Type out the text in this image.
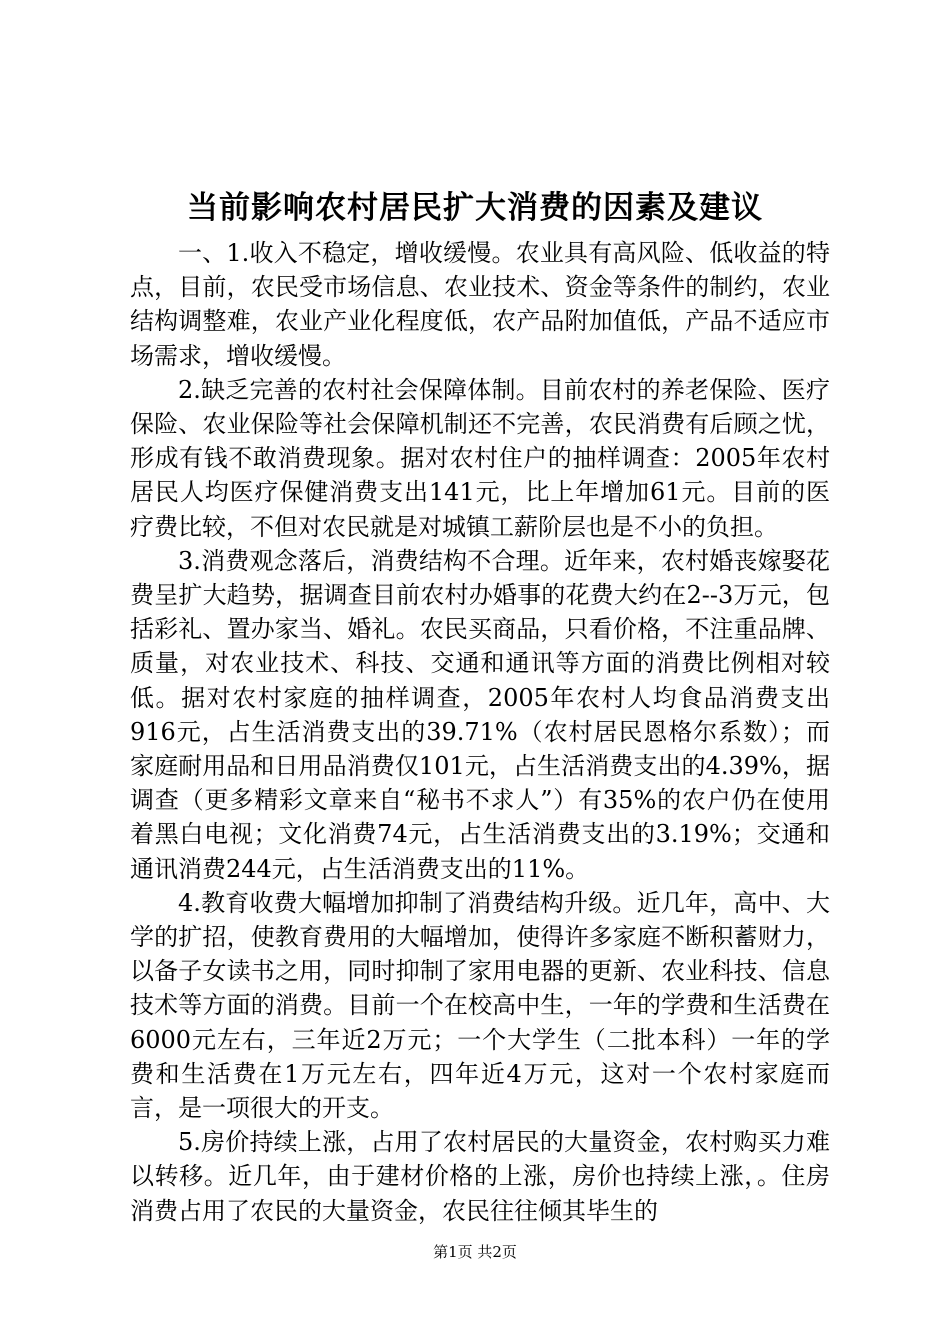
当前影响农村居民扩大消费的因素及建议

一、1.收入不稳定，增收缓慢。农业具有高风险、低收益的特点，目前，农民受市场信息、农业技术、资金等条件的制约，农业结构调整难，农业产业化程度低，农产品附加值低，产品不适应市场需求，增收缓慢。

2.缺乏完善的农村社会保障体制。目前农村的养老保险、医疗保险、农业保险等社会保障机制还不完善，农民消费有后顾之忧，形成有钱不敢消费现象。据对农村住户的抽样调查：2005年农村居民人均医疗保健消费支出141元，比上年增加61元。目前的医疗费比较，不但对农民就是对城镇工薪阶层也是不小的负担。

3.消费观念落后，消费结构不合理。近年来，农村婚丧嫁娶花费呈扩大趋势，据调查目前农村办婚事的花费大约在2--3万元，包括彩礼、置办家当、婚礼。农民买商品，只看价格，不注重品牌、质量，对农业技术、科技、交通和通讯等方面的消费比例相对较低。据对农村家庭的抽样调查，2005年农村人均食品消费支出916元，占生活消费支出的39.71%（农村居民恩格尔系数）；而家庭耐用品和日用品消费仅101元，占生活消费支出的4.39%，据调查（更多精彩文章来自“秘书不求人”）有35%的农户仍在使用着黑白电视；文化消费74元，占生活消费支出的3.19%；交通和通讯消费244元，占生活消费支出的11%。

4.教育收费大幅增加抑制了消费结构升级。近几年，高中、大学的扩招，使教育费用的大幅增加，使得许多家庭不断积蓄财力，以备子女读书之用，同时抑制了家用电器的更新、农业科技、信息技术等方面的消费。目前一个在校高中生，一年的学费和生活费在6000元左右，三年近2万元；一个大学生（二批本科）一年的学费和生活费在1万元左右，四年近4万元，这对一个农村家庭而言，是一项很大的开支。

5.房价持续上涨，占用了农村居民的大量资金，农村购买力难以转移。近几年，由于建材价格的上涨，房价也持续上涨，。住房消费占用了农民的大量资金，农民往往倾其毕生的

第1页 共2页
